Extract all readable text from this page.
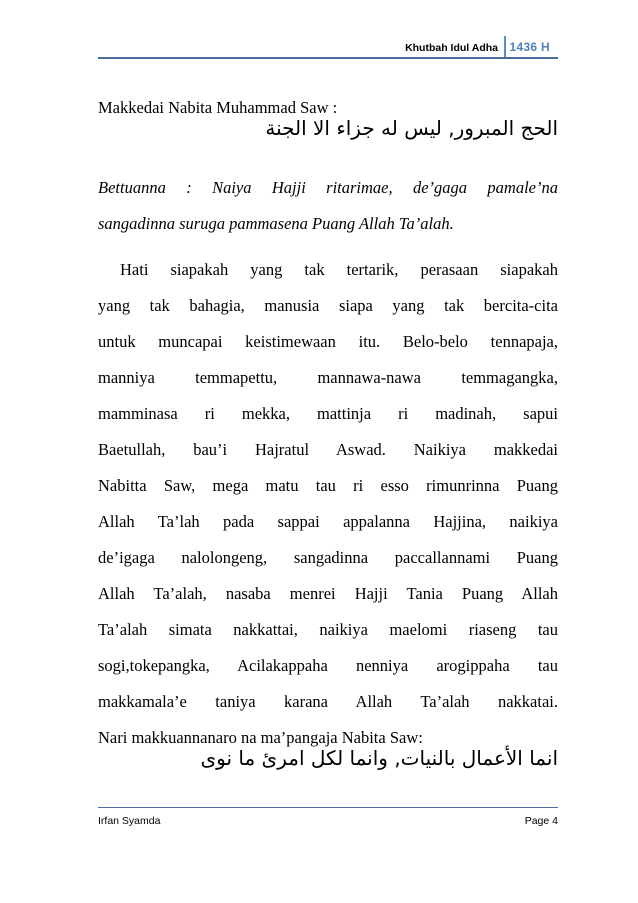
Khutbah Idul Adha 1436 H
Makkedai Nabita Muhammad Saw :
الحج المبرور, ليس له جزاء الا الجنة
Bettuanna : Naiya Hajji ritarimae, de’gaga pamale’na
sangadinna suruga pammasena Puang Allah Ta’alah.
Hati siapakah yang tak tertarik, perasaan siapakah
yang tak bahagia, manusia siapa yang tak bercita-cita
untuk muncapai keistimewaan itu. Belo-belo tennapaja,
manniya temmapettu, mannawa-nawa temmagangka,
mamminasa ri mekka, mattinja ri madinah, sapui
Baetullah, bau’i Hajratul Aswad. Naikiya makkedai
Nabitta Saw, mega matu tau ri esso rimunrinna Puang
Allah Ta’lah pada sappai appalanna Hajjina, naikiya
de’igaga nalolongeng, sangadinna paccallannami Puang
Allah Ta’alah, nasaba menrei Hajji Tania Puang Allah
Ta’alah simata nakkattai, naikiya maelomi riaseng tau
sogi,tokepangka, Acilakappaha nenniya arogippaha tau
makkamala’e taniya karana Allah Ta’alah nakkatai.
Nari makkuannanaro na ma’pangaja Nabita Saw:
انما الأعمال بالنيات, وانما لكل امرئ ما نوى
Irfan Syamda	Page 4
